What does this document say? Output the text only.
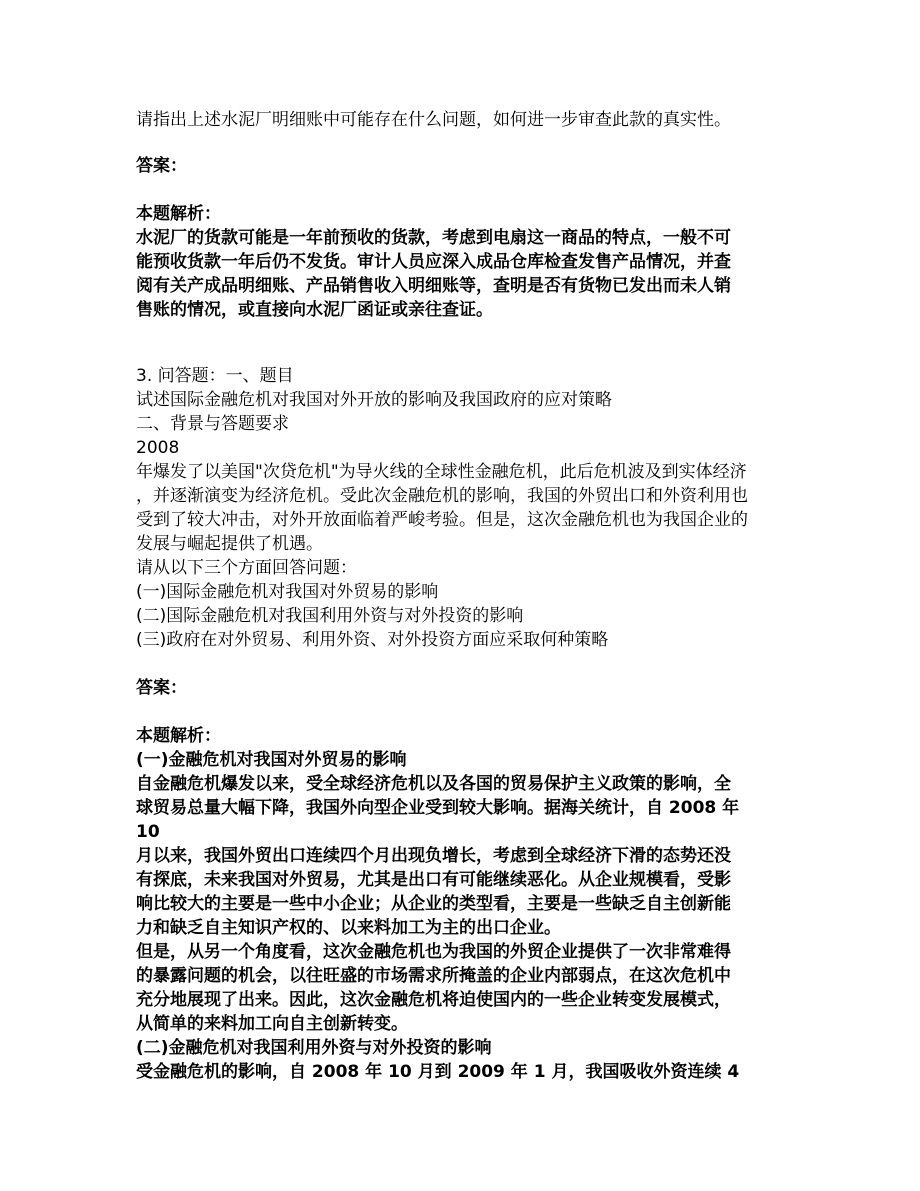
请指出上述水泥厂明细账中可能存在什么问题，如何进一步审查此款的真实性。
答案：
本题解析：
水泥厂的货款可能是一年前预收的货款，考虑到电扇这一商品的特点，一般不可
能预收货款一年后仍不发货。审计人员应深入成品仓库检查发售产品情况，并查
阅有关产成品明细账、产品销售收入明细账等，查明是否有货物已发出而未人销
售账的情况，或直接向水泥厂函证或亲往查证。
3. 问答题：一、题目
试述国际金融危机对我国对外开放的影响及我国政府的应对策略
二、背景与答题要求
2008
年爆发了以美国"次贷危机"为导火线的全球性金融危机，此后危机波及到实体经济
，并逐渐演变为经济危机。受此次金融危机的影响，我国的外贸出口和外资利用也
受到了较大冲击，对外开放面临着严峻考验。但是，这次金融危机也为我国企业的
发展与崛起提供了机遇。
请从以下三个方面回答问题：
(一)国际金融危机对我国对外贸易的影响
(二)国际金融危机对我国利用外资与对外投资的影响
(三)政府在对外贸易、利用外资、对外投资方面应采取何种策略
答案：
本题解析：
(一)金融危机对我国对外贸易的影响
自金融危机爆发以来，受全球经济危机以及各国的贸易保护主义政策的影响，全
球贸易总量大幅下降，我国外向型企业受到较大影响。据海关统计，自 2008 年
10
月以来，我国外贸出口连续四个月出现负增长，考虑到全球经济下滑的态势还没
有探底，未来我国对外贸易，尤其是出口有可能继续恶化。从企业规模看，受影
响比较大的主要是一些中小企业；从企业的类型看，主要是一些缺乏自主创新能
力和缺乏自主知识产权的、以来料加工为主的出口企业。
但是，从另一个角度看，这次金融危机也为我国的外贸企业提供了一次非常难得
的暴露问题的机会，以往旺盛的市场需求所掩盖的企业内部弱点，在这次危机中
充分地展现了出来。因此，这次金融危机将迫使国内的一些企业转变发展模式，
从简单的来料加工向自主创新转变。
(二)金融危机对我国利用外资与对外投资的影响
受金融危机的影响，自 2008 年 10 月到 2009 年 1 月，我国吸收外资连续 4
